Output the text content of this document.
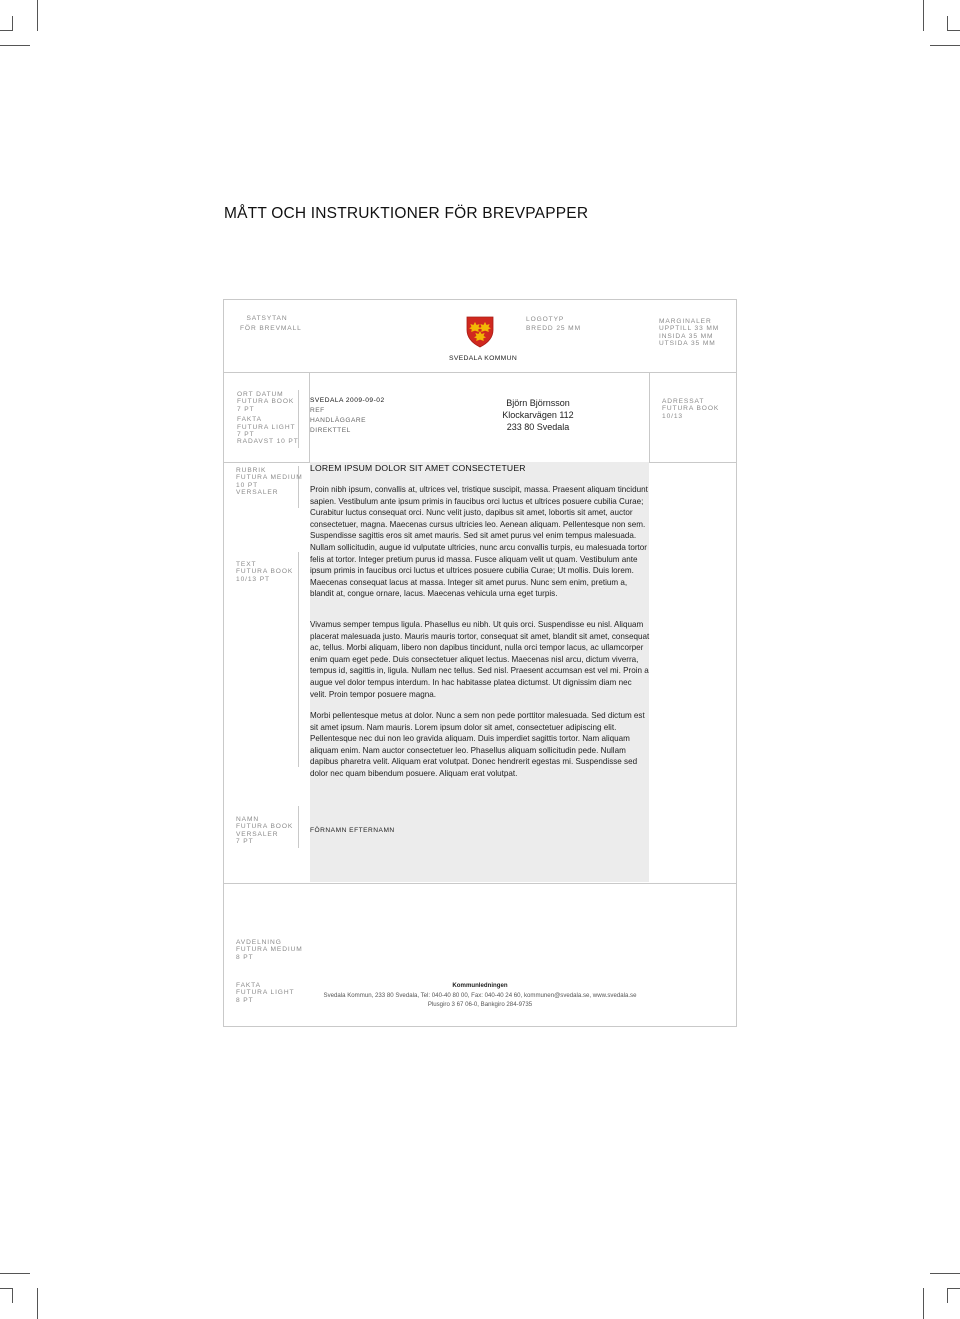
MÅTT OCH INSTRUKTIONER FÖR BREVPAPPER
SATSYTAN
FÖR BREVMALL
LOGOTYP
BREDD 25 MM
MARGINALER
UPPTILL 33 MM
INSIDA 35 MM
UTSIDA 35 MM
ORT DATUM
FUTURA BOOK
7 PT
FAKTA
FUTURA LIGHT
7 PT
RADAVST 10 PT
ADRESSAT
FUTURA BOOK
10/13
RUBRIK
FUTURA MEDIUM
10 PT
VERSALER
TEXT
FUTURA BOOK
10/13 PT
NAMN
FUTURA BOOK
VERSALER
7 PT
AVDELNING
FUTURA MEDIUM
8 PT
FAKTA
FUTURA LIGHT
8 PT
SVEDALA KOMMUN
SVEDALA 2009-09-02
REF
HANDLÄGGARE
DIREKTTEL
Björn Björnsson
Klockarvägen 112
233 80 Svedala
LOREM IPSUM DOLOR SIT AMET CONSECTETUER

Proin nibh ipsum, convallis at, ultrices vel, tristique suscipit, massa. Praesent aliquam tincidunt sapien. Vestibulum ante ipsum primis in faucibus orci luctus et ultrices posuere cubilia Curae; Curabitur luctus consequat orci. Nunc velit justo, dapibus sit amet, lobortis sit amet, auctor consectetuer, magna. Maecenas cursus ultricies leo. Aenean aliquam. Pellentesque non sem. Suspendisse sagittis eros sit amet mauris. Sed sit amet purus vel enim tempus malesuada. Nullam sollicitudin, augue id vulputate ultricies, nunc arcu convallis turpis, eu malesuada tortor felis at tortor. Integer pretium purus id massa. Fusce aliquam velit ut quam. Vestibulum ante ipsum primis in faucibus orci luctus et ultrices posuere cubilia Curae; Ut mollis. Duis lorem. Maecenas consequat lacus at massa. Integer sit amet purus. Nunc sem enim, pretium a, blandit at, congue ornare, lacus. Maecenas vehicula urna eget turpis.

Vivamus semper tempus ligula. Phasellus eu nibh. Ut quis orci. Suspendisse eu nisl. Aliquam placerat malesuada justo. Mauris mauris tortor, consequat sit amet, blandit sit amet, consequat ac, tellus. Morbi aliquam, libero non dapibus tincidunt, nulla orci tempor lacus, ac ullamcorper enim quam eget pede. Duis consectetuer aliquet lectus. Maecenas nisl arcu, dictum viverra, tempus id, sagittis in, ligula. Nullam nec tellus. Sed nisl. Praesent accumsan est vel mi. Proin a augue vel dolor tempus interdum. In hac habitasse platea dictumst. Ut dignissim diam nec velit. Proin tempor posuere magna.

Morbi pellentesque metus at dolor. Nunc a sem non pede porttitor malesuada. Sed dictum est sit amet ipsum. Nam mauris. Lorem ipsum dolor sit amet, consectetuer adipiscing elit. Pellentesque nec dui non leo gravida aliquam. Duis imperdiet sagittis tortor. Nam aliquam aliquam enim. Nam auctor consectetuer leo. Phasellus aliquam sollicitudin pede. Nullam dapibus pharetra velit. Aliquam erat volutpat. Donec hendrerit egestas mi. Suspendisse sed dolor nec quam bibendum posuere. Aliquam erat volutpat.

FÖRNAMN EFTERNAMN
Kommunledningen
Svedala Kommun, 233 80 Svedala, Tel: 040-40 80 00, Fax: 040-40 24 60, kommunen@svedala.se, www.svedala.se
Plusgiro 3 67 06-0, Bankgiro 284-9735
